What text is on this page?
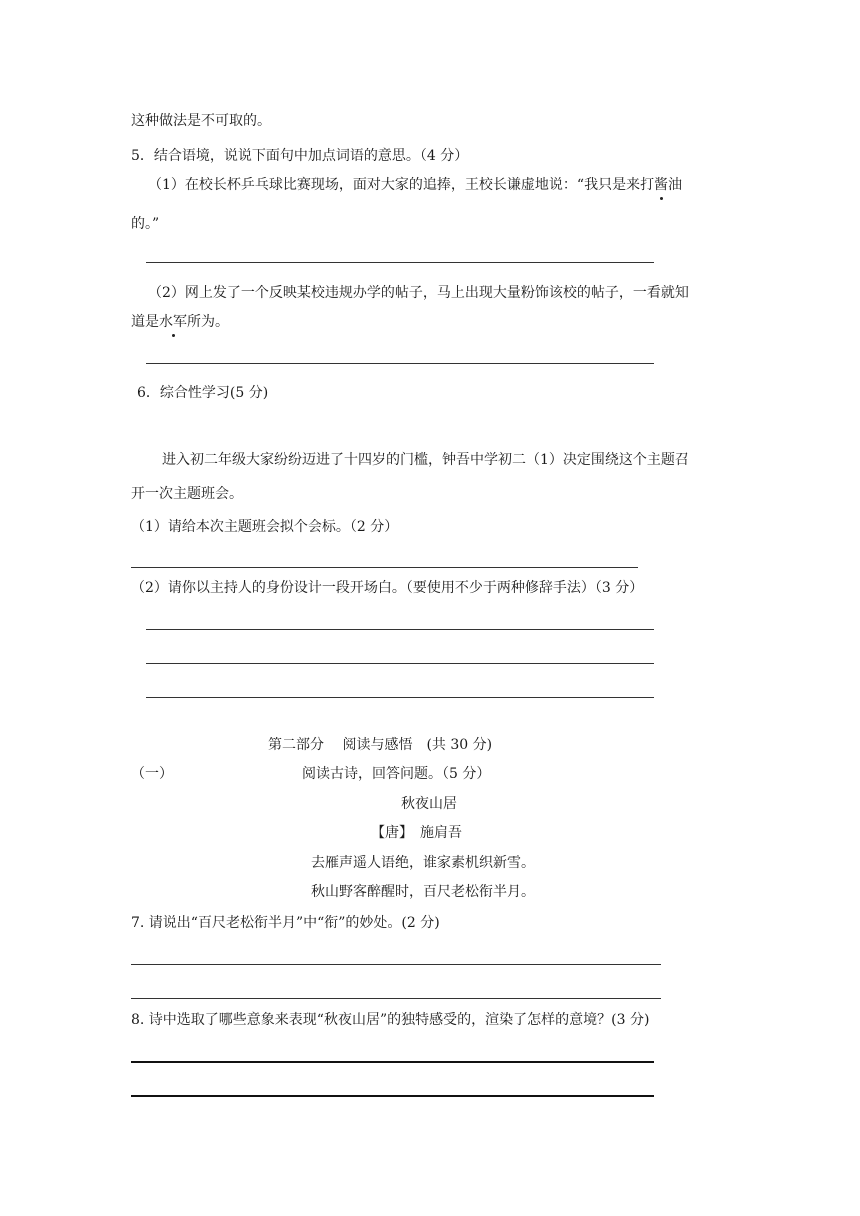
这种做法是不可取的。
5．结合语境，说说下面句中加点词语的意思。（4 分）
（1）在校长杯乒乓球比赛现场，面对大家的追捧，王校长谦虚地说：“我只是来打酱油
的。”
（2）网上发了一个反映某校违规办学的帖子，马上出现大量粉饰该校的帖子，一看就知
道是水军所为。
6．综合性学习(5 分)
进入初二年级大家纷纷迈进了十四岁的门槛，钟吾中学初二（1）决定围绕这个主题召
开一次主题班会。
（1）请给本次主题班会拟个会标。（2 分）
（2）请你以主持人的身份设计一段开场白。（要使用不少于两种修辞手法）（3 分）
第二部分　 阅读与感悟　(共 30 分)
（一）	阅读古诗，回答问题。（5 分）
秋夜山居
【唐】　施肩吾
去雁声遥人语绝，谁家素机织新雪。
秋山野客醉醒时，百尺老松衔半月。
7. 请说出“百尺老松衔半月”中“衔”的妙处。(2 分)
8. 诗中选取了哪些意象来表现“秋夜山居”的独特感受的，渲染了怎样的意境？(3 分)
